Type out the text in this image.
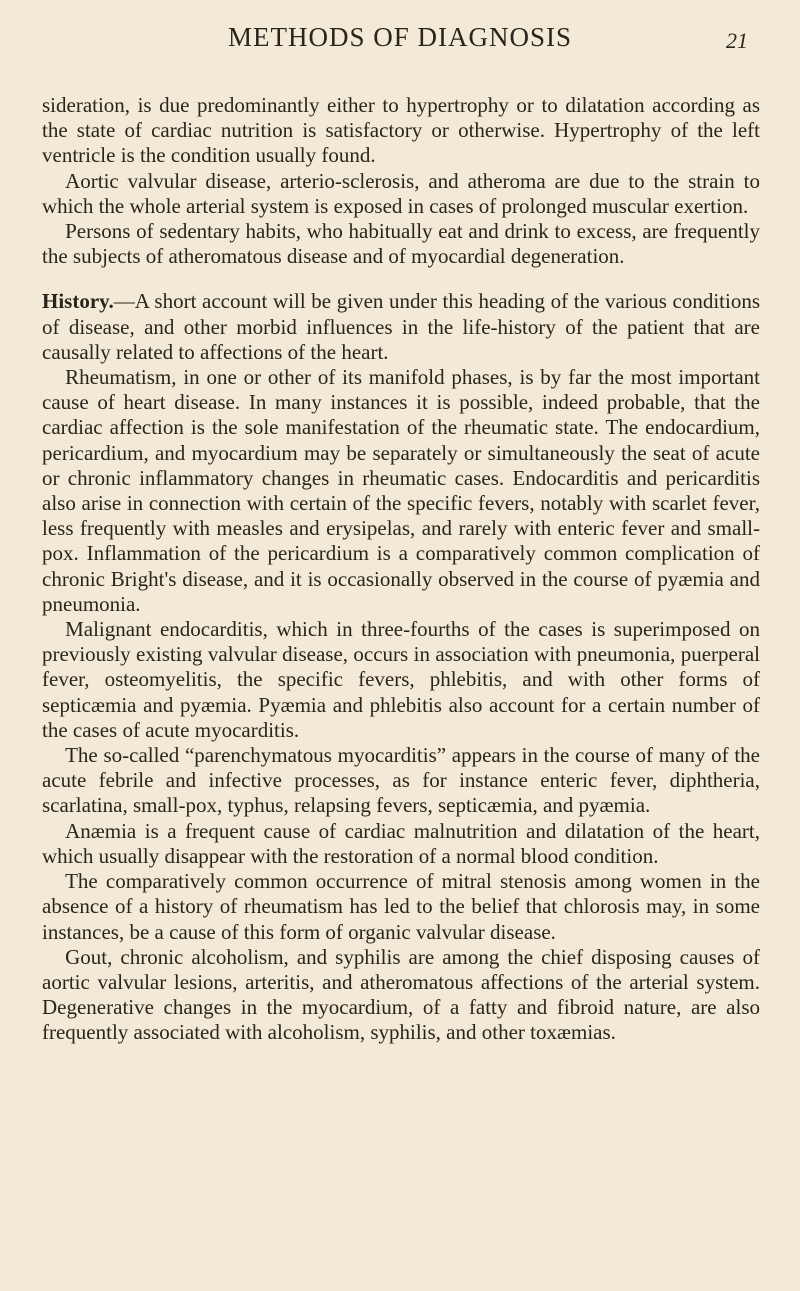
METHODS OF DIAGNOSIS	21

sideration, is due predominantly either to hypertrophy or to dilatation according as the state of cardiac nutrition is satisfactory or otherwise. Hypertrophy of the left ventricle is the condition usually found.

Aortic valvular disease, arterio-sclerosis, and atheroma are due to the strain to which the whole arterial system is exposed in cases of prolonged muscular exertion.

Persons of sedentary habits, who habitually eat and drink to excess, are frequently the subjects of atheromatous disease and of myocardial degeneration.

History.—A short account will be given under this heading of the various conditions of disease, and other morbid influences in the life-history of the patient that are causally related to affections of the heart.

Rheumatism, in one or other of its manifold phases, is by far the most important cause of heart disease. In many instances it is possible, indeed probable, that the cardiac affection is the sole manifestation of the rheumatic state. The endocardium, pericardium, and myocardium may be separately or simultaneously the seat of acute or chronic inflammatory changes in rheumatic cases. Endocarditis and pericarditis also arise in connection with certain of the specific fevers, notably with scarlet fever, less frequently with measles and erysipelas, and rarely with enteric fever and smallpox. Inflammation of the pericardium is a comparatively common complication of chronic Bright's disease, and it is occasionally observed in the course of pyæmia and pneumonia.

Malignant endocarditis, which in three-fourths of the cases is superimposed on previously existing valvular disease, occurs in association with pneumonia, puerperal fever, osteomyelitis, the specific fevers, phlebitis, and with other forms of septicæmia and pyæmia. Pyæmia and phlebitis also account for a certain number of the cases of acute myocarditis.

The so-called “parenchymatous myocarditis” appears in the course of many of the acute febrile and infective processes, as for instance enteric fever, diphtheria, scarlatina, small-pox, typhus, relapsing fevers, septicæmia, and pyæmia.

Anæmia is a frequent cause of cardiac malnutrition and dilatation of the heart, which usually disappear with the restoration of a normal blood condition.

The comparatively common occurrence of mitral stenosis among women in the absence of a history of rheumatism has led to the belief that chlorosis may, in some instances, be a cause of this form of organic valvular disease.

Gout, chronic alcoholism, and syphilis are among the chief disposing causes of aortic valvular lesions, arteritis, and atheromatous affections of the arterial system. Degenerative changes in the myocardium, of a fatty and fibroid nature, are also frequently associated with alcoholism, syphilis, and other toxæmias.
